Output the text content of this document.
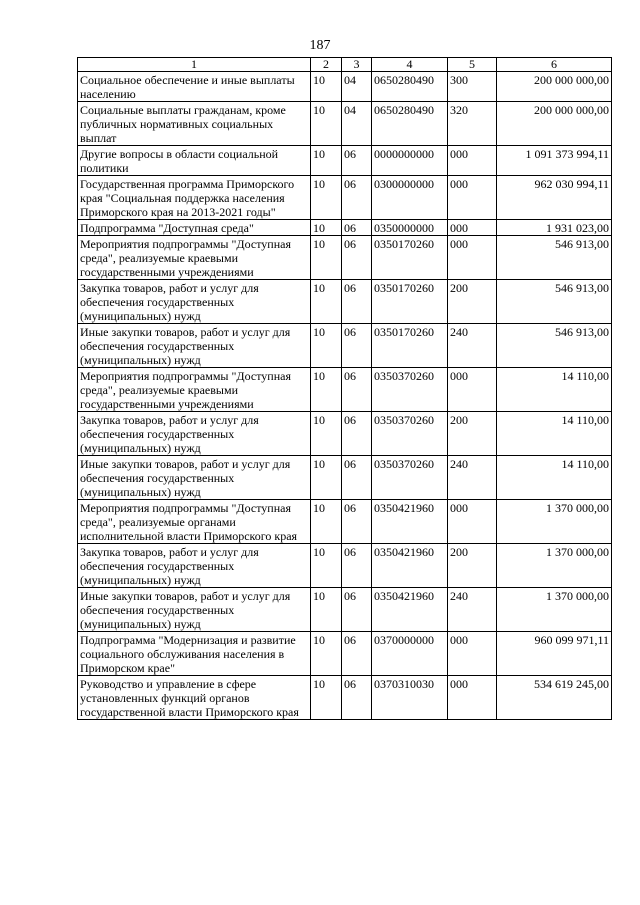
187
1	2	3	4	5	6
Социальное обеспечение и иные выплаты населению	10	04	0650280490	300	200 000 000,00
Социальные выплаты гражданам, кроме публичных нормативных социальных выплат	10	04	0650280490	320	200 000 000,00
Другие вопросы в области социальной политики	10	06	0000000000	000	1 091 373 994,11
Государственная программа Приморского края "Социальная поддержка населения Приморского края на 2013-2021 годы"	10	06	0300000000	000	962 030 994,11
Подпрограмма "Доступная среда"	10	06	0350000000	000	1 931 023,00
Мероприятия подпрограммы "Доступная среда", реализуемые краевыми государственными учреждениями	10	06	0350170260	000	546 913,00
Закупка товаров, работ и услуг для обеспечения государственных (муниципальных) нужд	10	06	0350170260	200	546 913,00
Иные закупки товаров, работ и услуг для обеспечения государственных (муниципальных) нужд	10	06	0350170260	240	546 913,00
Мероприятия подпрограммы "Доступная среда", реализуемые краевыми государственными учреждениями	10	06	0350370260	000	14 110,00
Закупка товаров, работ и услуг для обеспечения государственных (муниципальных) нужд	10	06	0350370260	200	14 110,00
Иные закупки товаров, работ и услуг для обеспечения государственных (муниципальных) нужд	10	06	0350370260	240	14 110,00
Мероприятия подпрограммы "Доступная среда", реализуемые органами исполнительной власти Приморского края	10	06	0350421960	000	1 370 000,00
Закупка товаров, работ и услуг для обеспечения государственных (муниципальных) нужд	10	06	0350421960	200	1 370 000,00
Иные закупки товаров, работ и услуг для обеспечения государственных (муниципальных) нужд	10	06	0350421960	240	1 370 000,00
Подпрограмма "Модернизация и развитие социального обслуживания населения в Приморском крае"	10	06	0370000000	000	960 099 971,11
Руководство и управление в сфере установленных функций органов государственной власти Приморского края	10	06	0370310030	000	534 619 245,00
